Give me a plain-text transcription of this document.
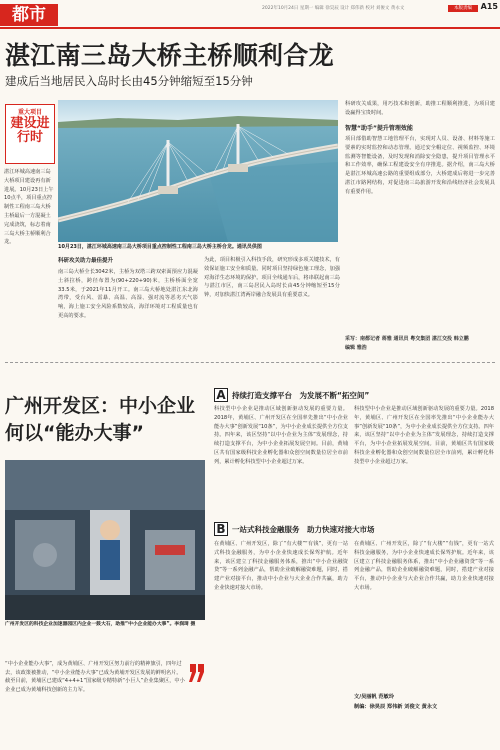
都市	2022年10月24日 星期一 编辑 徐昊辰 设计 郑伟新 校对 刘俊文 黄永文	本版责编	A15
湛江南三岛大桥主桥顺利合龙
建成后当地居民入岛时长由45分钟缩短至15分钟
重大项目
建设进行时
湛江环城高速南三岛大桥项目建设再有新进展。10月23日上午10点半，项目重点控制性工程南三岛大桥主桥最后一方混凝土完成浇筑，标志着南三岛大桥主桥顺利合龙。
10月23日，湛江环城高速南三岛大桥项目重点控制性工程南三岛大桥主桥合龙。通讯员供图
科研攻关助力最佳提升
南三岛大桥全长3042米，主桥为双塔三跨双索面预应力混凝土斜拉桥，跨径布置为(90+220+90)米，主桥桥面全宽33.5米，于2021年11月开工。南三岛大桥地处湛江东北海湾带，受台风、雷暴、高温、高湿、强对流等恶劣天气影响，海上施工安全风险系数较高，海洋环境对工程质量也有更高的要求。
为此，项目积极引入科技手段，研究形成多项关键技术，有效保证施工安全和质量。同时项目坚持绿色施工理念，加强对海洋生态环境的保护。项目全线通车后，将串联起南三岛与湛江市区，南三岛居民入岛时长由45分钟缩短至15分钟，对加快湛江湾两岸融合发展具有重要意义。
科研攻关成果，用巧技术和创新，助推工程顺利推进，为项目建设赢得宝贵时间。
智慧“助手”提升管理效能
项目部借助智慧工地管理平台，实现对人员、设备、材料等施工要素的实时监控和动态管理。通过安全帽定位、视频监控、环境监测等智能设备，及时发现和消除安全隐患，提升项目管理水平和工作效率，确保工程建设安全有序推进。据介绍，南三岛大桥是湛江环城高速公路的重要组成部分，大桥建成后将进一步完善湛江市路网结构，对促进南三岛旅游开发和沿线经济社会发展具有重要作用。
采写：南都记者 蒋雅 通讯员 粤交集团 湛江交投 韩立鹏
编辑 雅浩
广州开发区：中小企业何以“能办大事”
广州开发区的科技企业加速器园区内企业一鼓大石，助推“中小企业能办大事”。李润琦 摄
“中小企业能办大事”，成为黄埔区、广州开发区努力前行的精神旗引，四年过去，该政策被推动，“中小企业能办大事”已成为黄埔开发区发展的鲜明名片。截至目前，黄埔区已建成“4+4+1”国家级专精特新“小巨人”企业集聚区，中小企业已成为黄埔科技创新的主力军。
A 持续打造支撑平台　为发展不断“拓空间”
科技型中小企业是推动区域创新驱动发展的重要力量。2018年，黄埔区、广州开发区在全国率先推出“中小企业能办大事”创新发展“10条”，为中小企业成长提供全方位支持。四年来，该区坚持“以中小企业为主体”发展理念，持续打造支撑平台，为中小企业拓展发展空间。目前，黄埔区共有国家级科技企业孵化器和众创空间数量位居全市前列，累计孵化科技型中小企业超过万家。
科技型中小企业是推动区域创新驱动发展的重要力量。2018年，黄埔区、广州开发区在全国率先推出“中小企业能办大事”创新发展“10条”，为中小企业成长提供全方位支持。四年来，该区坚持“以中小企业为主体”发展理念，持续打造支撑平台，为中小企业拓展发展空间。目前，黄埔区共有国家级科技企业孵化器和众创空间数量位居全市前列，累计孵化科技型中小企业超过万家。
B 一站式科技金融服务　助力快速对接大市场
在黄埔区、广州开发区，除了“有大楼”“有钱”，更有一站式科技金融服务，为中小企业快速成长保驾护航。近年来，该区建立了科技金融服务体系，推出“中小企业融资贷”等一系列金融产品，帮助企业破解融资难题，同时，搭建产业对接平台，推动中小企业与大企业合作共赢，助力企业快速对接大市场。
在黄埔区、广州开发区，除了“有大楼”“有钱”，更有一站式科技金融服务，为中小企业快速成长保驾护航。近年来，该区建立了科技金融服务体系，推出“中小企业融资贷”等一系列金融产品，帮助企业破解融资难题，同时，搭建产业对接平台，推动中小企业与大企业合作共赢，助力企业快速对接大市场。
文/吴丽帆 范敏玲
制编：徐昊辰 郑伟新 刘俊文 黄永文
